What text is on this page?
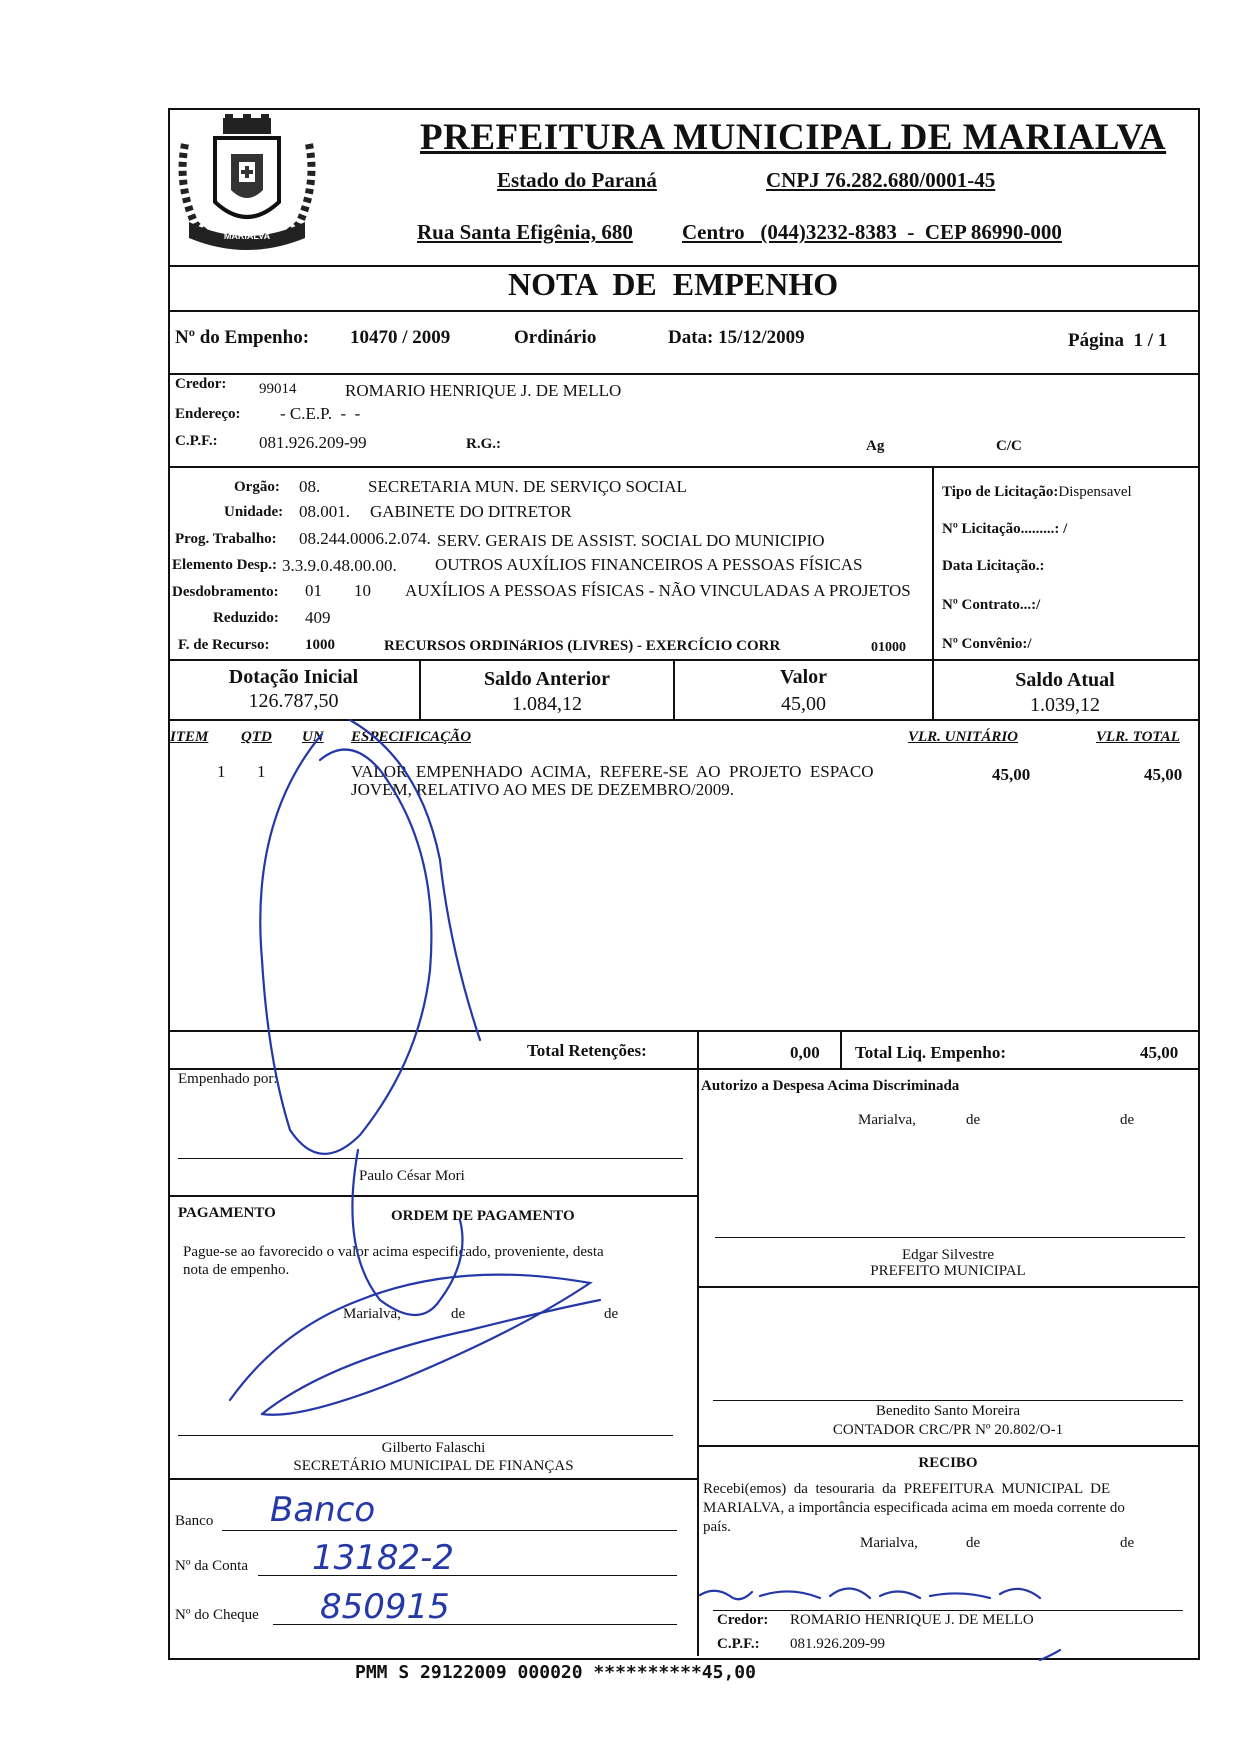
MARIALVA
PREFEITURA MUNICIPAL DE MARIALVA
Estado do Paraná	CNPJ 76.282.680/0001-45
Rua Santa Efigênia, 680 Centro   (044)3232-8383  -  CEP 86990-000
NOTA  DE  EMPENHO
Nº do Empenho: 10470 / 2009	Ordinário	Data: 15/12/2009	Página  1 / 1
Credor: 99014	ROMARIO HENRIQUE J. DE MELLO
Endereço: - C.E.P.  -  -
C.P.F.: 081.926.209-99	R.G.:	Ag	C/C
Orgão: 08.	SECRETARIA MUN. DE SERVIÇO SOCIAL
Unidade: 08.001. GABINETE DO DITRETOR
Prog. Trabalho: 08.244.0006.2.074. SERV. GERAIS DE ASSIST. SOCIAL DO MUNICIPIO
Elemento Desp.: 3.3.9.0.48.00.00. OUTROS AUXÍLIOS FINANCEIROS A PESSOAS FÍSICAS
Desdobramento: 01 10 AUXÍLIOS A PESSOAS FÍSICAS - NÃO VINCULADAS A PROJETOS
Reduzido: 409
F. de Recurso: 1000	RECURSOS ORDINáRIOS (LIVRES) - EXERCÍCIO CORR	01000
Tipo de Licitação:Dispensavel
Nº Licitação.........: /
Data Licitação.:
Nº Contrato...:/
Nº Convênio:/
Dotação Inicial
126.787,50
Saldo Anterior
1.084,12
Valor
45,00
Saldo Atual
1.039,12
ITEM QTD UN ESPECIFICAÇÃO	VLR. UNITÁRIO	VLR. TOTAL
1 1	VALOR  EMPENHADO  ACIMA,  REFERE-SE  AO  PROJETO  ESPACO
JOVEM, RELATIVO AO MES DE DEZEMBRO/2009.
45,00	45,00
Total Retenções:	0,00 Total Liq. Empenho:	45,00
Empenhado por:
Paulo César Mori
Autorizo a Despesa Acima Discriminada
Marialva,	de	de
Edgar Silvestre
PREFEITO MUNICIPAL
PAGAMENTO	ORDEM DE PAGAMENTO
Pague-se ao favorecido o valor acima especificado, proveniente, desta
nota de empenho.
Marialva,	de	de
Gilberto Falaschi
SECRETÁRIO MUNICIPAL DE FINANÇAS
Benedito Santo Moreira
CONTADOR CRC/PR Nº 20.802/O-1
RECIBO
Recebi(emos)  da  tesouraria  da  PREFEITURA  MUNICIPAL  DE
MARIALVA, a importância especificada acima em moeda corrente do
país.
Marialva,	de	de
Credor: ROMARIO HENRIQUE J. DE MELLO
C.P.F.: 081.926.209-99
Banco Banco
Nº da Conta 13182-2
Nº do Cheque 850915
PMM S 29122009 000020 **********45,00
